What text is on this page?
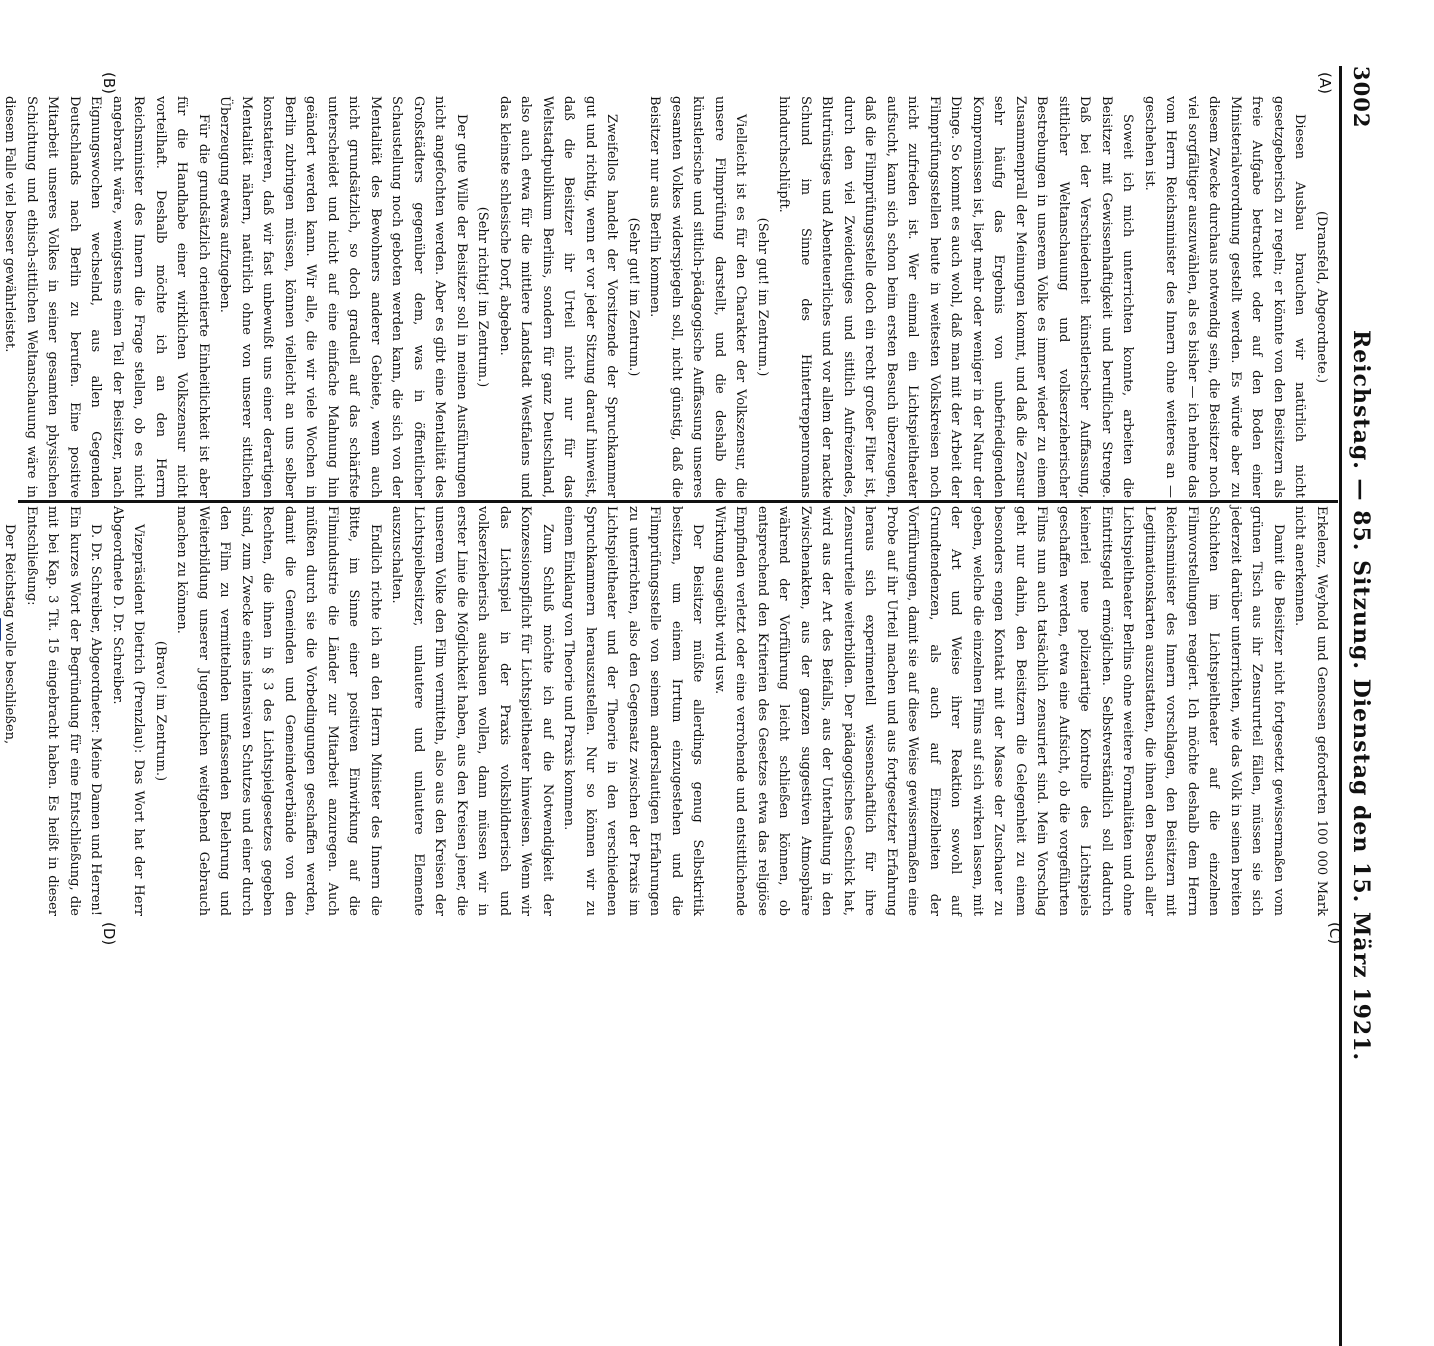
3002
Reichstag. — 85. Sitzung. Dienstag den 15. März 1921.
(A)
(B)
(C)
(D)

(Dransfeld, Abgeordnete.)

Diesen Ausbau brauchen wir natürlich nicht gesetzgeberisch zu regeln; er könnte von den Beisitzern als freie Aufgabe betrachtet oder auf den Boden einer Ministerialverordnung gestellt werden. Es würde aber zu diesem Zwecke durchaus notwendig sein, die Beisitzer noch viel sorgfältiger auszuwählen, als es bisher — ich nehme das vom Herrn Reichsminister des Innern ohne weiteres an — geschehen ist.

Soweit ich mich unterrichten konnte, arbeiten die Beisitzer mit Gewissenhaftigkeit und beruflicher Strenge. Daß bei der Verschiedenheit künstlerischer Auffassung, sittlicher Weltanschauung und volkserzieherischer Bestrebungen in unserem Volke es immer wieder zu einem Zusammenprall der Meinungen kommt, und daß die Zensur sehr häufig das Ergebnis von unbefriedigenden Kompromissen ist, liegt mehr oder weniger in der Natur der Dinge. So kommt es auch wohl, daß man mit der Arbeit der Filmprüfungsstellen heute in weitesten Volkskreisen noch nicht zufrieden ist. Wer einmal ein Lichtspieltheater aufsucht, kann sich schon beim ersten Besuch überzeugen, daß die Filmprüfungsstelle doch ein recht großer Filter ist, durch den viel Zweideutiges und sittlich Aufreizendes, Blutrünstiges und Abenteuerliches und vor allem der nackte Schund im Sinne des Hintertreppenromans hindurchschlüpft.

(Sehr gut! im Zentrum.)

Vielleicht ist es für den Charakter der Volkszensur, die unsere Filmprüfung darstellt, und die deshalb die künstlerische und sittlich-pädagogische Auffassung unseres gesamten Volkes widerspiegeln soll, nicht günstig, daß die Beisitzer nur aus Berlin kommen.

(Sehr gut! im Zentrum.)

Zweifellos handelt der Vorsitzende der Spruchkammer gut und richtig, wenn er vor jeder Sitzung darauf hinweist, daß die Beisitzer ihr Urteil nicht nur für das Weltstadtpublikum Berlins, sondern für ganz Deutschland, also auch etwa für die mittlere Landstadt Westfalens und das kleinste schlesische Dorf, abgeben.

(Sehr richtig! im Zentrum.)

Der gute Wille der Beisitzer soll in meinen Ausführungen nicht angefochten werden. Aber es gibt eine Mentalität des Großstädters gegenüber dem, was in öffentlicher Schaustellung noch geboten werden kann, die sich von der Mentalität des Bewohners anderer Gebiete, wenn auch nicht grundsätzlich, so doch graduell auf das schärfste unterscheidet und nicht auf eine einfache Mahnung hin geändert werden kann. Wir alle, die wir viele Wochen in Berlin zubringen müssen, können vielleicht an uns selber konstatieren, daß wir fast unbewußt uns einer derartigen Mentalität nähern, natürlich ohne von unserer sittlichen Überzeugung etwas aufzugeben.

Für die grundsätzlich orientierte Einheitlichkeit ist aber für die Handhabe einer wirklichen Volkszensur nicht vorteilhaft. Deshalb möchte ich an den Herrn Reichsminister des Innern die Frage stellen, ob es nicht angebracht wäre, wenigstens einen Teil der Beisitzer, nach Eignungswochen wechselnd, aus allen Gegenden Deutschlands nach Berlin zu berufen. Eine positive Mitarbeit unseres Volkes in seiner gesamten physischen Schichtung und ethisch-sittlichen Weltanschauung wäre in diesem Falle viel besser gewährleistet.

Erkelenz, Weyhold und Genossen geforderten 100 000 Mark nicht anerkennen.

Damit die Beisitzer nicht fortgesetzt gewissermaßen vom grünen Tisch aus ihr Zensururteil fällen, müssen sie sich jederzeit darüber unterrichten, wie das Volk in seinen breiten Schichten im Lichtspieltheater auf die einzelnen Filmvorstellungen reagiert. Ich möchte deshalb dem Herrn Reichsminister des Innern vorschlagen, den Beisitzern mit Legitimationskarten auszustatten, die ihnen den Besuch aller Lichtspieltheater Berlins ohne weitere Formalitäten und ohne Eintrittsgeld ermöglichen. Selbstverständlich soll dadurch keinerlei neue polizeiartige Kontrolle des Lichtspiels geschaffen werden, etwa eine Aufsicht, ob die vorgeführten Films nun auch tatsächlich zensuriert sind. Mein Vorschlag geht nur dahin, den Beisitzern die Gelegenheit zu einem besonders engen Kontakt mit der Masse der Zuschauer zu geben, welche die einzelnen Films auf sich wirken lassen, mit der Art und Weise ihrer Reaktion sowohl auf Grundtendenzen, als auch auf Einzelheiten der Vorführungen, damit sie auf diese Weise gewissermaßen eine Probe auf ihr Urteil machen und aus fortgesetzter Erfahrung heraus sich experimentell wissenschaftlich für ihre Zensururteile weiterbilden. Der pädagogisches Geschick hat, wird aus der Art des Beifalls, aus der Unterhaltung in den Zwischenakten, aus der ganzen suggestiven Atmosphäre während der Vorführung leicht schließen können, ob entsprechend den Kriterien des Gesetzes etwa das religiöse Empfinden verletzt oder eine verrohende und entsittlichende Wirkung ausgeübt wird usw.

Der Beisitzer müßte allerdings genug Selbstkritik besitzen, um einem Irrtum einzugestehen und die Filmprüfungsstelle von seinem anderslautigen Erfahrungen zu unterrichten, also den Gegensatz zwischen der Praxis im Lichtspieltheater und der Theorie in den verschiedenen Spruchkammern herauszustellen. Nur so können wir zu einem Einklang von Theorie und Praxis kommen.

Zum Schluß möchte ich auf die Notwendigkeit der Konzessionspflicht für Lichtspieltheater hinweisen. Wenn wir das Lichtspiel in der Praxis volksbildnerisch und volkserzieherisch ausbauen wollen, dann müssen wir in erster Linie die Möglichkeit haben, aus den Kreisen jener, die unserem Volke den Film vermitteln, also aus den Kreisen der Lichtspielbesitzer, unlautere und unlautere Elemente auszuschalten.

Endlich richte ich an den Herrn Minister des Innern die Bitte, im Sinne einer positiven Einwirkung auf die Filmindustrie die Länder zur Mitarbeit anzuregen. Auch müßten durch sie die Vorbedingungen geschaffen werden, damit die Gemeinden und Gemeindeverbände von den Rechten, die ihnen in § 3 des Lichtspielgesetzes gegeben sind, zum Zwecke eines intensiven Schutzes und einer durch den Film zu vermittelnden umfassenden Belehrung und Weiterbildung unserer Jugendlichen weitgehend Gebrauch machen zu können.

(Bravo! im Zentrum.)

Vizepräsident Dietrich (Prenzlau): Das Wort hat der Herr Abgeordnete D. Dr. Schreiber.

D. Dr. Schreiber, Abgeordneter: Meine Damen und Herren! Ein kurzes Wort der Begründung für eine Entschließung, die mit bei Kap. 3 Tit. 15 eingebracht haben. Es heißt in dieser Entschließung:

Der Reichstag wolle beschließen,
